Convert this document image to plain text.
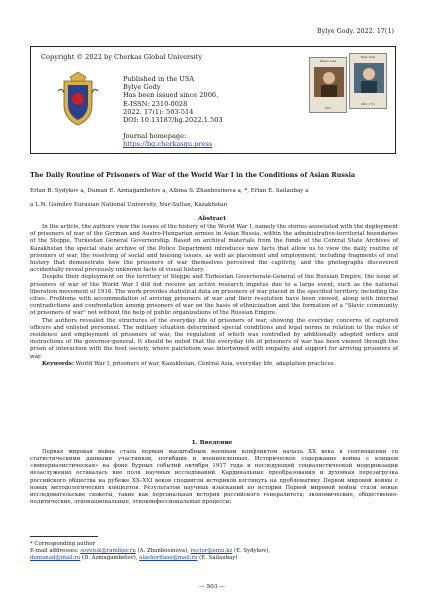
Bylye Gody. 2022. 17(1)
Copyright © 2022 by Cherkas Global University
Published in the USA
Bylye Gody
Has been issued since 2006.
E-ISSN: 2310-0028
2022. 17(1): 503-514
DOI: 10.13187/bg.2022.1.503
Journal homepage:
https://bg.cherkasgu.press
Былые годы
2021
Bylye Gody
2022. 17(1)
The Daily Routine of Prisoners of War of the World War I in the Conditions of Asian Russia
Erlan B. Sydykov a, Duman E. Azmagambetov a, Albina S. Zhanbosinova a, *, Erlan E. Sailaubay a
a L.N. Gumilev Eurasian National University, Nur-Sultan, Kazakhstan
Abstract

In the article, the authors view the issues of the history of the World War I, namely the stories associated with the deployment of prisoners of war of the German and Austro-Hungarian armies in Asian Russia, within the administrative-territorial boundaries of the Steppe, Turkestan General Governorship. Based on archival materials from the funds of the Central State Archives of Kazakhstan the special state archive of the Police Department introduces new facts that allow us to view the daily routine of prisoners of war, the resolving of social and housing issues, as well as placement and employment, including fragments of oral history that demonstrate how the prisoners of war themselves perceived the captivity, and the photographs discovered accidentally reveal previously unknown facts of visual history.

Despite their deployment on the territory of Steppe and Turkestan Governorate-General of the Russian Empire, the issue of prisoners of war of the World War I did not receive an active research impetus due to a large event, such as the national liberation movement of 1916. The work provides statistical data on prisoners of war placed in the specified territory, including the cities. Problems with accommodation of arriving prisoners of war and their resolution have been viewed, along with internal contradictions and confrontation among prisoners of war on the basis of ethnicization and the formation of a "Slavic community of prisoners of war" not without the help of public organizations of the Russian Empire.

The authors revealed the structures of the everyday life of prisoners of war, showing the everyday concerns of captured officers and enlisted personnel. The military situation determined special conditions and legal norms in relation to the rules of residence and employment of prisoners of war, the regulation of which was controlled by additionally adopted orders and instructions of the governor-general. It should be noted that the everyday life of prisoners of war has been viewed through the prism of interaction with the host society, where patriotism was intertwined with empathy and support for arriving prisoners of war.

Keywords: World War I, prisoners of war, Kazakhstan, Central Asia, everyday life, adaptation practices.

1. Введение

Первая мировая война стала первым масштабным военным конфликтом начала XX века в соотношении со статистическими данными участников, погибших и военнопленных. Историческое содержание войны с клишем «империалистическая» на фоне бурных событий октября 1917 года и последующей социалистической модернизации незаслуженно оставалась вне поля научных исследований. Кардинальные преобразования и духовная перезагрузка российского общества на рубеже XX–XXI веков сподвигли историков взглянуть на проблематику Первой мировой войны с новых методологических концептов. Результатом научных изысканий по истории Первой мировой войны стали новые исследовательские сюжеты, такие как персональная история российского генералитета; экономические, общественно-политические, этнонациональные, этноконфессиональные процессы;

* Corresponding author
E-mail addresses: sovetuk@rambler.ru (A. Zhanbosinova), rector@emu.kz (E. Sydykov),
dumanad@mail.ru (D. Azmagambetov), alashordaoo@mail.ru (E. Sailaubay)
— 503 —
